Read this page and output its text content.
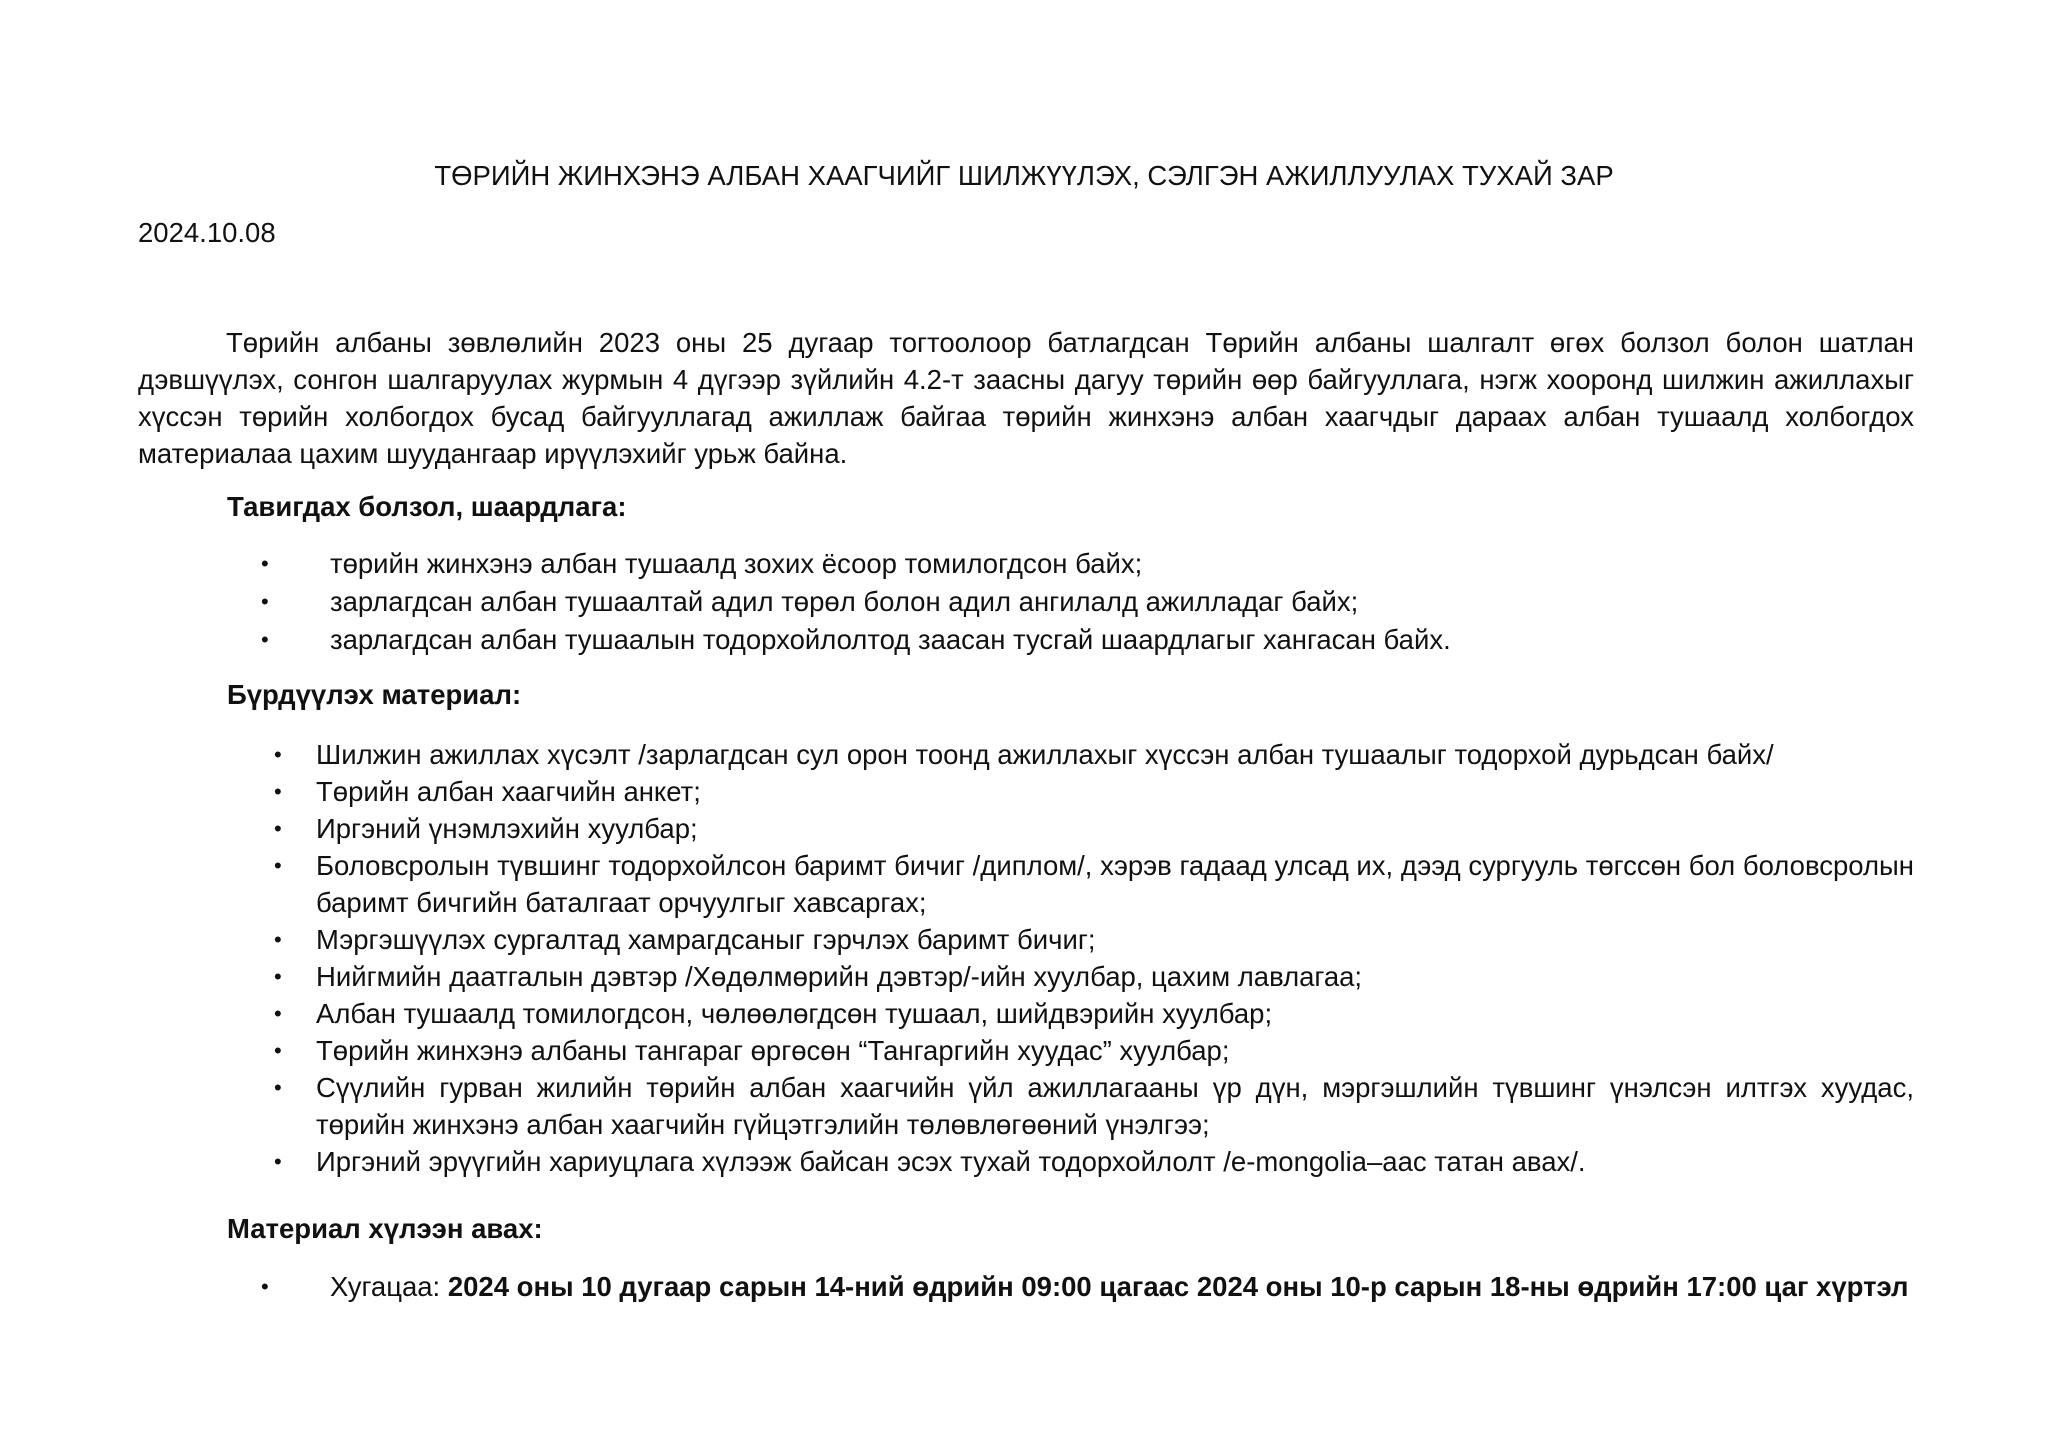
ТӨРИЙН ЖИНХЭНЭ АЛБАН ХААГЧИЙГ ШИЛЖҮҮЛЭХ, СЭЛГЭН АЖИЛЛУУЛАХ ТУХАЙ ЗАР

2024.10.08

Төрийн албаны зөвлөлийн 2023 оны 25 дугаар тогтоолоор батлагдсан Төрийн албаны шалгалт өгөх болзол болон шатлан дэвшүүлэх, сонгон шалгаруулах журмын 4 дүгээр зүйлийн 4.2-т заасны дагуу төрийн өөр байгууллага, нэгж хооронд шилжин ажиллахыг хүссэн төрийн холбогдох бусад байгууллагад ажиллаж байгаа төрийн жинхэнэ албан хаагчдыг дараах албан тушаалд холбогдох материалаа цахим шуудангаар ирүүлэхийг урьж байна.

Тавигдах болзол, шаардлага:

• төрийн жинхэнэ албан тушаалд зохих ёсоор томилогдсон байх;
• зарлагдсан албан тушаалтай адил төрөл болон адил ангилалд ажилладаг байх;
• зарлагдсан албан тушаалын тодорхойлолтод заасан тусгай шаардлагыг хангасан байх.

Бүрдүүлэх материал:

• Шилжин ажиллах хүсэлт /зарлагдсан сул орон тоонд ажиллахыг хүссэн албан тушаалыг тодорхой дурьдсан байх/
• Төрийн албан хаагчийн анкет;
• Иргэний үнэмлэхийн хуулбар;
• Боловсролын түвшинг тодорхойлсон баримт бичиг /диплом/, хэрэв гадаад улсад их, дээд сургууль төгссөн бол боловсролын баримт бичгийн баталгаат орчуулгыг хавсаргах;
• Мэргэшүүлэх сургалтад хамрагдсаныг гэрчлэх баримт бичиг;
• Нийгмийн даатгалын дэвтэр /Хөдөлмөрийн дэвтэр/-ийн хуулбар, цахим лавлагаа;
• Албан тушаалд томилогдсон, чөлөөлөгдсөн тушаал, шийдвэрийн хуулбар;
• Төрийн жинхэнэ албаны тангараг өргөсөн “Тангаргийн хуудас” хуулбар;
• Сүүлийн гурван жилийн төрийн албан хаагчийн үйл ажиллагааны үр дүн, мэргэшлийн түвшинг үнэлсэн илтгэх хуудас, төрийн жинхэнэ албан хаагчийн гүйцэтгэлийн төлөвлөгөөний үнэлгээ;
• Иргэний эрүүгийн хариуцлага хүлээж байсан эсэх тухай тодорхойлолт /e-mongolia–аас татан авах/.

Материал хүлээн авах:

• Хугацаа: 2024 оны 10 дугаар сарын 14-ний өдрийн 09:00 цагаас 2024 оны 10-р сарын 18-ны өдрийн 17:00 цаг хүртэл
